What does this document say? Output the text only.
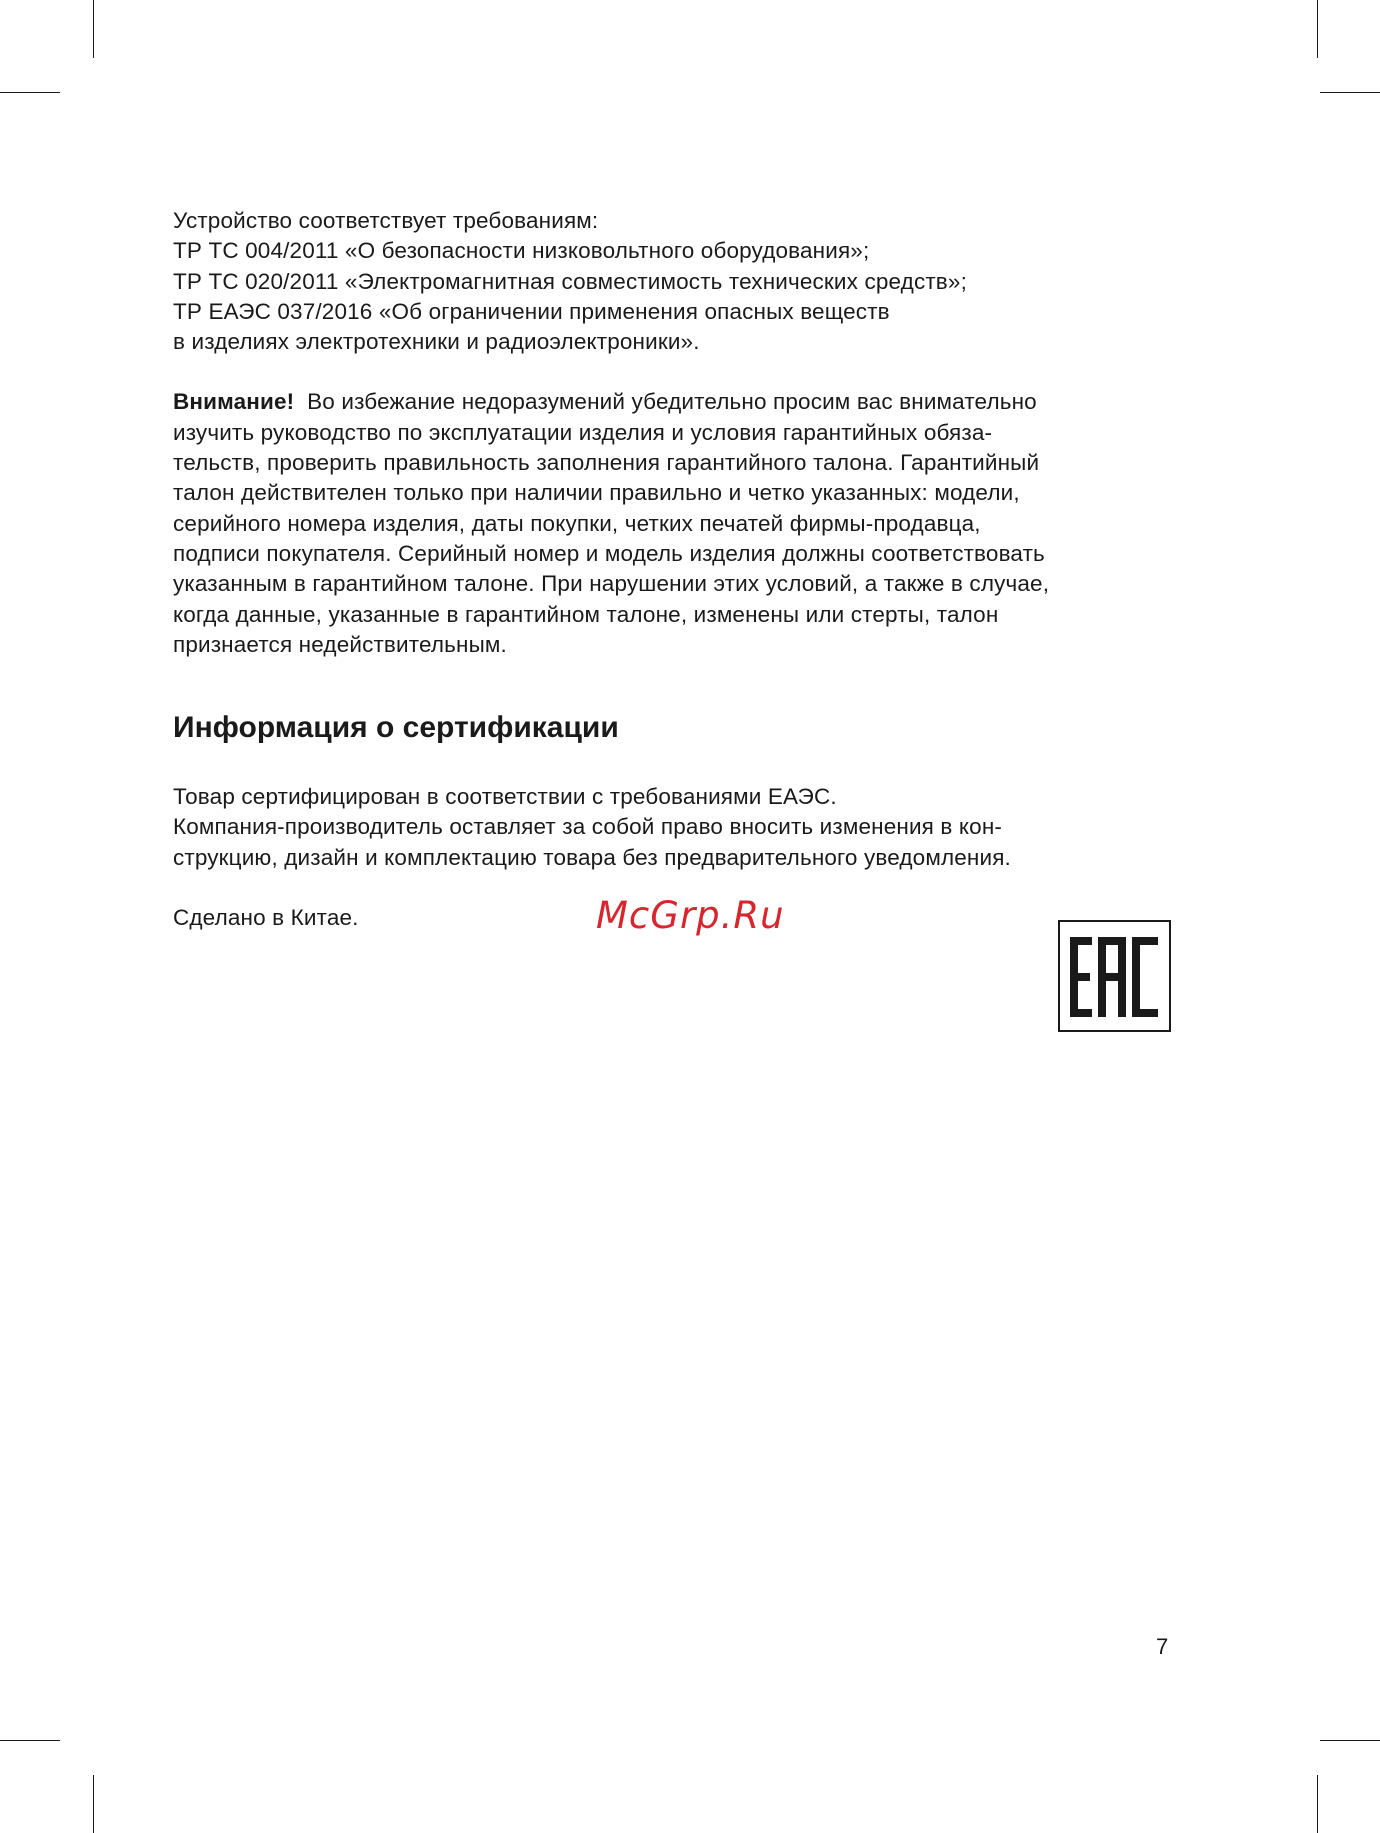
Устройство соответствует требованиям:

ТР ТС 004/2011 «О безопасности низковольтного оборудования»;

ТР ТС 020/2011 «Электромагнитная совместимость технических средств»;

ТР ЕАЭС 037/2016 «Об ограничении применения опасных веществ

в изделиях электротехники и радиоэлектроники».

Внимание! Во избежание недоразумений убедительно просим вас внимательно

изучить руководство по эксплуатации изделия и условия гарантийных обяза-

тельств, проверить правильность заполнения гарантийного талона. Гарантийный

талон действителен только при наличии правильно и четко указанных: модели,

серийного номера изделия, даты покупки, четких печатей фирмы-продавца,

подписи покупателя. Серийный номер и модель изделия должны соответствовать

указанным в гарантийном талоне. При нарушении этих условий, а также в случае,

когда данные, указанные в гарантийном талоне, изменены или стерты, талон

признается недействительным.

Информация о сертификации

Товар сертифицирован в соответствии с требованиями ЕАЭС.

Компания-производитель оставляет за собой право вносить изменения в кон-

струкцию, дизайн и комплектацию товара без предварительного уведомления.

Сделано в Китае.	McGrp.Ru
7
